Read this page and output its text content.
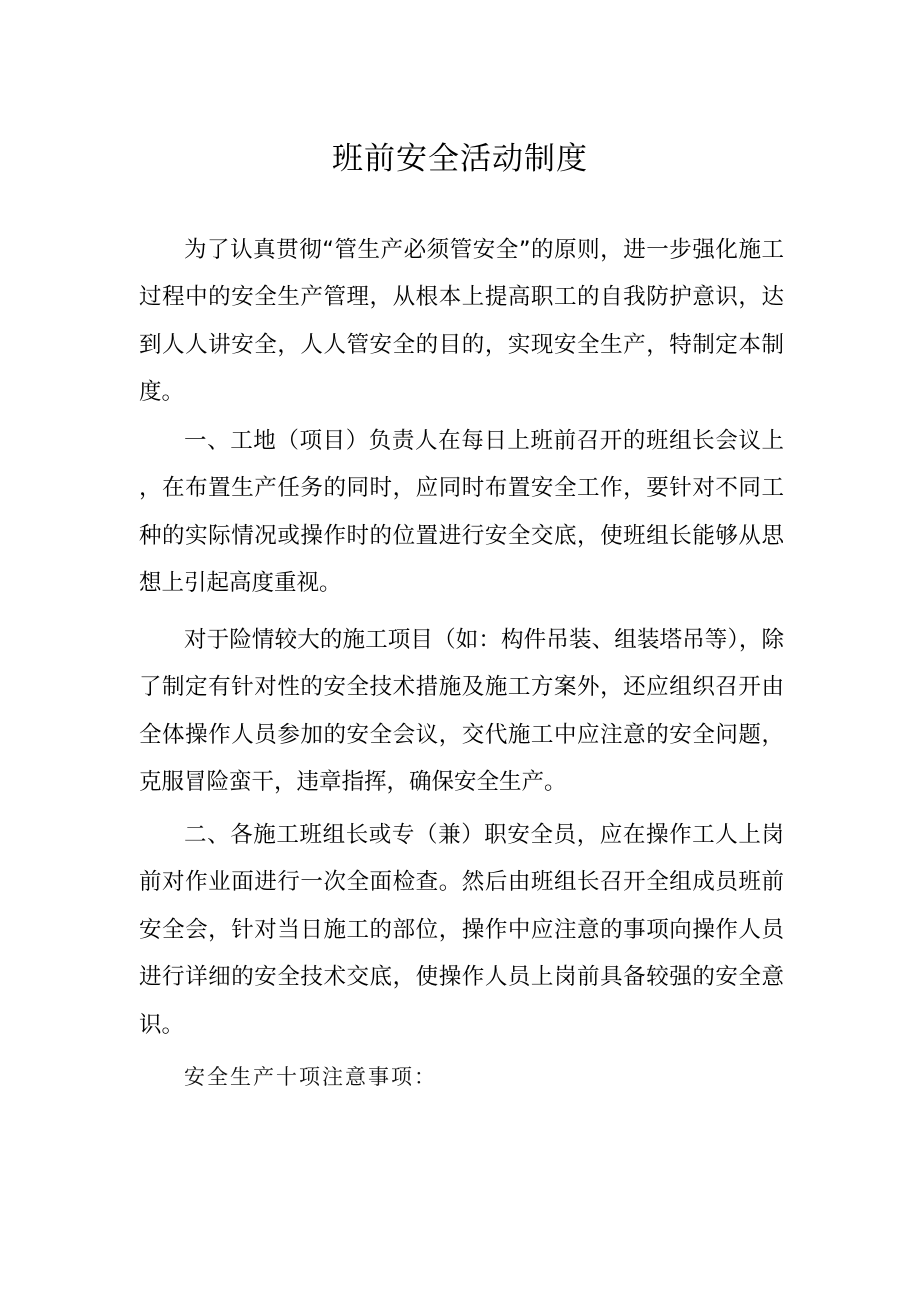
班前安全活动制度

为了认真贯彻“管生产必须管安全”的原则，进一步强化施工过程中的安全生产管理，从根本上提高职工的自我防护意识，达到人人讲安全，人人管安全的目的，实现安全生产，特制定本制度。

一、工地（项目）负责人在每日上班前召开的班组长会议上，在布置生产任务的同时，应同时布置安全工作，要针对不同工种的实际情况或操作时的位置进行安全交底，使班组长能够从思想上引起高度重视。

对于险情较大的施工项目（如：构件吊装、组装塔吊等），除了制定有针对性的安全技术措施及施工方案外，还应组织召开由全体操作人员参加的安全会议，交代施工中应注意的安全问题，克服冒险蛮干，违章指挥，确保安全生产。

二、各施工班组长或专（兼）职安全员，应在操作工人上岗前对作业面进行一次全面检查。然后由班组长召开全组成员班前安全会，针对当日施工的部位，操作中应注意的事项向操作人员进行详细的安全技术交底，使操作人员上岗前具备较强的安全意识。

安全生产十项注意事项：
